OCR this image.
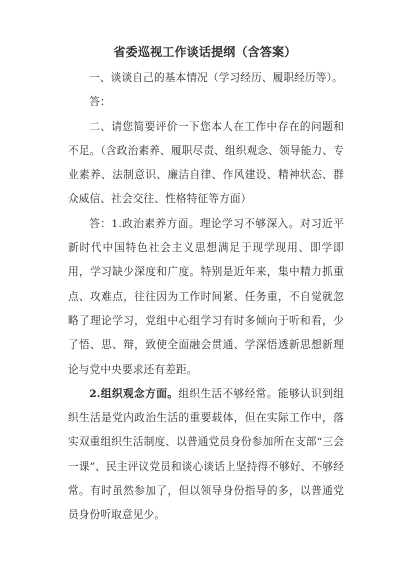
省委巡视工作谈话提纲（含答案）

一、谈谈自己的基本情况（学习经历、履职经历等）。

答：

二、请您简要评价一下您本人在工作中存在的问题和不足。（含政治素养、履职尽责、组织观念、领导能力、专业素养、法制意识、廉洁自律、作风建设、精神状态、群众威信、社会交往、性格特征等方面）

答：1.政治素养方面。理论学习不够深入。对习近平新时代中国特色社会主义思想满足于现学现用、即学即用，学习缺少深度和广度。特别是近年来，集中精力抓重点、攻难点，往往因为工作时间紧、任务重，不自觉就忽略了理论学习，党组中心组学习有时多倾向于听和看，少了悟、思、辩，致使全面融会贯通、学深悟透新思想新理论与党中央要求还有差距。

2.组织观念方面。组织生活不够经常。能够认识到组织生活是党内政治生活的重要载体，但在实际工作中，落实双重组织生活制度、以普通党员身份参加所在支部“三会一课”、民主评议党员和谈心谈话上坚持得不够好、不够经常。有时虽然参加了，但以领导身份指导的多，以普通党员身份听取意见少。
